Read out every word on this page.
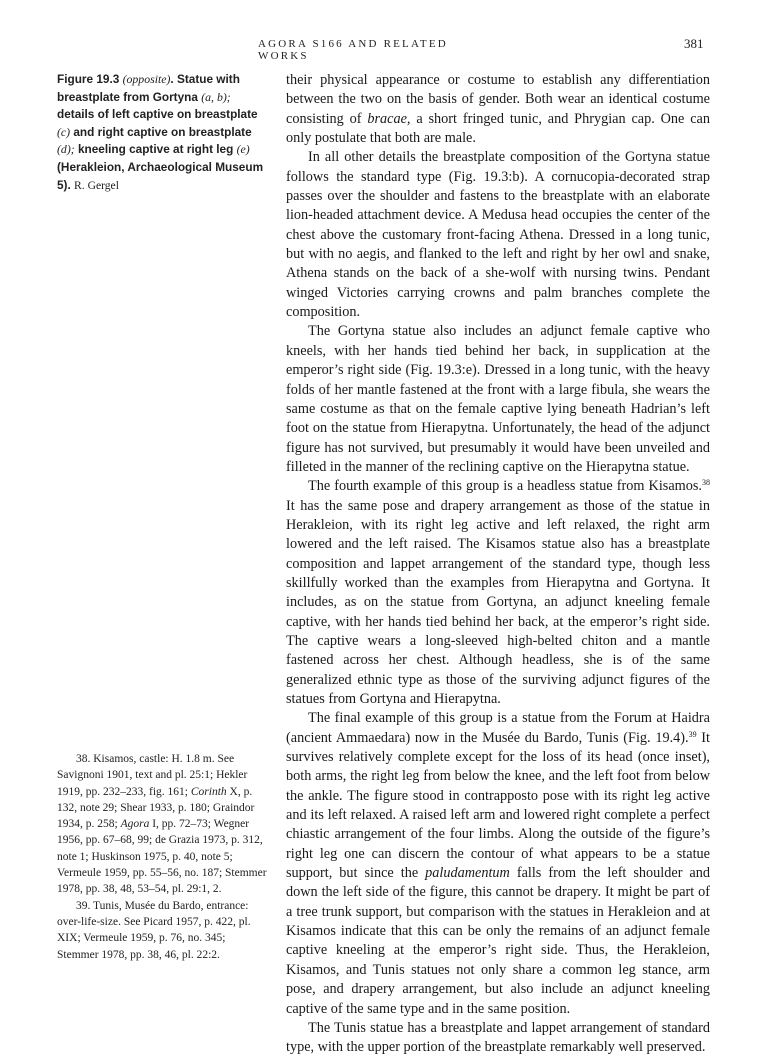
AGORA S166 AND RELATED WORKS
381
Figure 19.3 (opposite). Statue with breastplate from Gortyna (a, b); details of left captive on breastplate (c) and right captive on breastplate (d); kneeling captive at right leg (e) (Herakleion, Archaeological Museum 5). R. Gergel

their physical appearance or costume to establish any differentiation between the two on the basis of gender. Both wear an identical costume consisting of bracae, a short fringed tunic, and Phrygian cap. One can only postulate that both are male.

In all other details the breastplate composition of the Gortyna statue follows the standard type (Fig. 19.3:b). A cornucopia-decorated strap passes over the shoulder and fastens to the breastplate with an elaborate lion-headed attachment device. A Medusa head occupies the center of the chest above the customary front-facing Athena. Dressed in a long tunic, but with no aegis, and flanked to the left and right by her owl and snake, Athena stands on the back of a she-wolf with nursing twins. Pendant winged Victories carrying crowns and palm branches complete the composition.

The Gortyna statue also includes an adjunct female captive who kneels, with her hands tied behind her back, in supplication at the emperor’s right side (Fig. 19.3:e). Dressed in a long tunic, with the heavy folds of her mantle fastened at the front with a large fibula, she wears the same costume as that on the female captive lying beneath Hadrian’s left foot on the statue from Hierapytna. Unfortunately, the head of the adjunct figure has not survived, but presumably it would have been unveiled and filleted in the manner of the reclining captive on the Hierapytna statue.

The fourth example of this group is a headless statue from Kisamos.$^{38}$ It has the same pose and drapery arrangement as those of the statue in Herakleion, with its right leg active and left relaxed, the right arm lowered and the left raised. The Kisamos statue also has a breastplate composition and lappet arrangement of the standard type, though less skillfully worked than the examples from Hierapytna and Gortyna. It includes, as on the statue from Gortyna, an adjunct kneeling female captive, with her hands tied behind her back, at the emperor’s right side. The captive wears a long-sleeved high-belted chiton and a mantle fastened across her chest. Although headless, she is of the same generalized ethnic type as those of the surviving adjunct figures of the statues from Gortyna and Hierapytna.

The final example of this group is a statue from the Forum at Haidra (ancient Ammaedara) now in the Musée du Bardo, Tunis (Fig. 19.4).$^{39}$ It survives relatively complete except for the loss of its head (once inset), both arms, the right leg from below the knee, and the left foot from below the ankle. The figure stood in contrapposto pose with its right leg active and its left relaxed. A raised left arm and lowered right complete a perfect chiastic arrangement of the four limbs. Along the outside of the figure’s right leg one can discern the contour of what appears to be a statue support, but since the paludamentum falls from the left shoulder and down the left side of the figure, this cannot be drapery. It might be part of a tree trunk support, but comparison with the statues in Herakleion and at Kisamos indicate that this can be only the remains of an adjunct female captive kneeling at the emperor’s right side. Thus, the Herakleion, Kisamos, and Tunis statues not only share a common leg stance, arm pose, and drapery arrangement, but also include an adjunct kneeling captive of the same type and in the same position.

The Tunis statue has a breastplate and lappet arrangement of standard type, with the upper portion of the breastplate remarkably well preserved.

38. Kisamos, castle: H. 1.8 m. See Savignoni 1901, text and pl. 25:1; Hekler 1919, pp. 232–233, fig. 161; Corinth X, p. 132, note 29; Shear 1933, p. 180; Graindor 1934, p. 258; Agora I, pp. 72–73; Wegner 1956, pp. 67–68, 99; de Grazia 1973, p. 312, note 1; Huskinson 1975, p. 40, note 5; Vermeule 1959, pp. 55–56, no. 187; Stemmer 1978, pp. 38, 48, 53–54, pl. 29:1, 2.

39. Tunis, Musée du Bardo, entrance: over-life-size. See Picard 1957, p. 422, pl. XIX; Vermeule 1959, p. 76, no. 345; Stemmer 1978, pp. 38, 46, pl. 22:2.
